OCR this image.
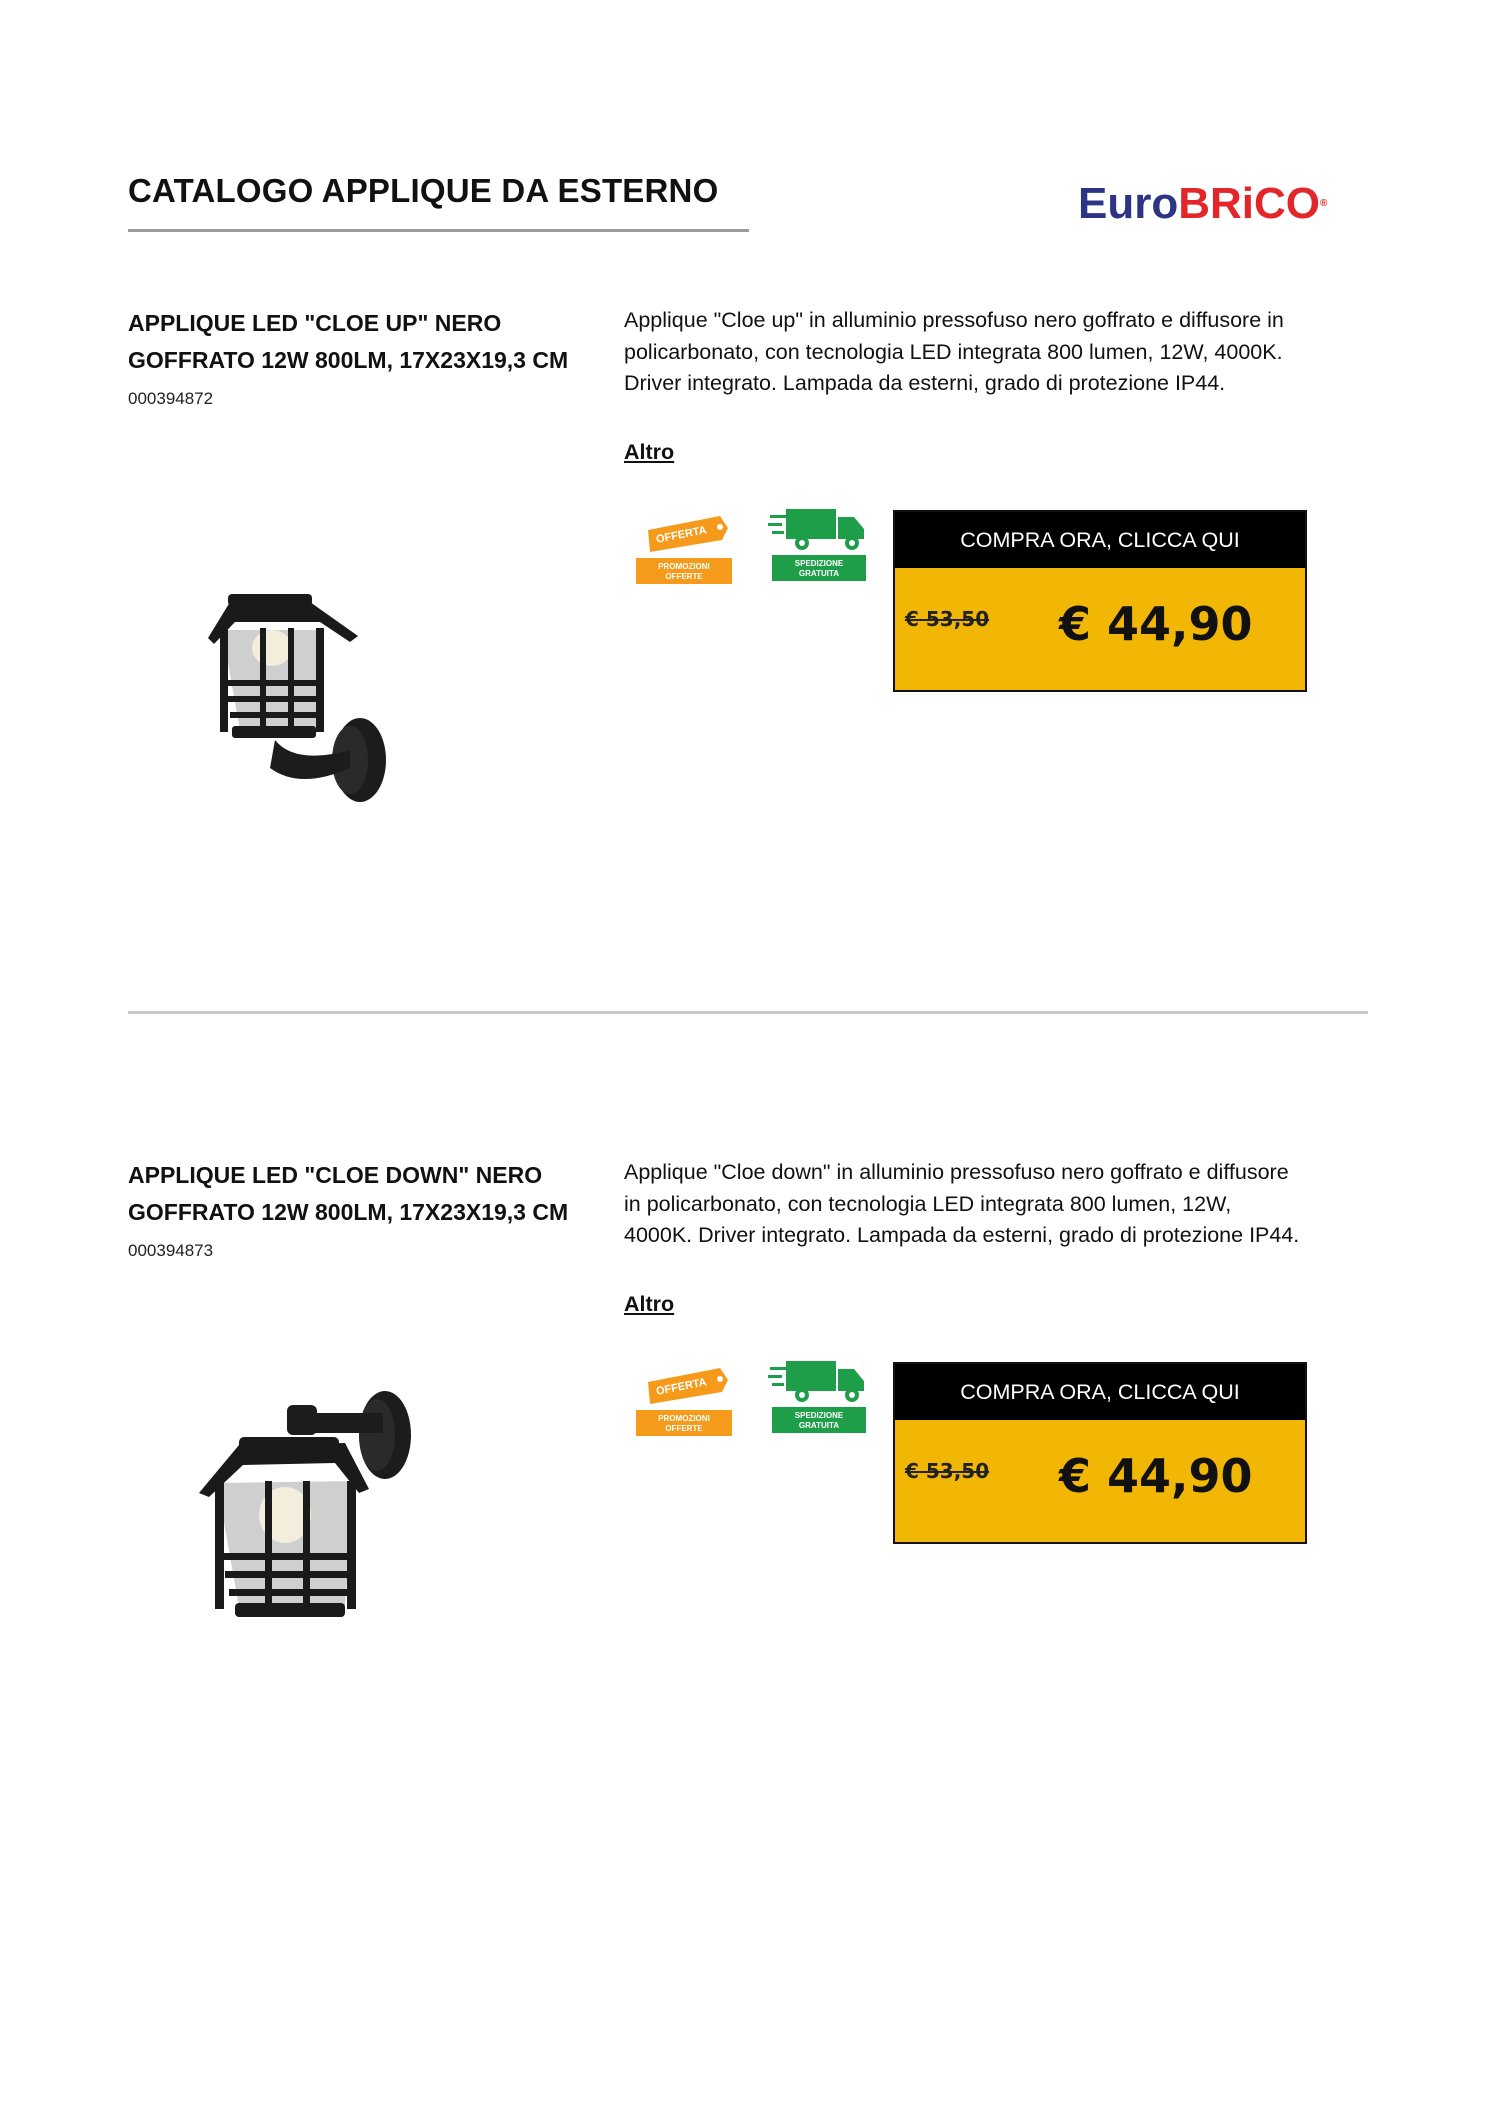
CATALOGO APPLIQUE DA ESTERNO	EuroBRiCO®
APPLIQUE LED "CLOE UP" NERO GOFFRATO 12W 800LM, 17X23X19,3 CM
000394872

Applique "Cloe up" in alluminio pressofuso nero goffrato e diffusore in policarbonato, con tecnologia LED integrata 800 lumen, 12W, 4000K. Driver integrato. Lampada da esterni, grado di protezione IP44.

Altro
OFFERTA
PROMOZIONI
OFFERTE
SPEDIZIONE
GRATUITA
COMPRA ORA, CLICCA QUI
€ 53,50 € 44,90
APPLIQUE LED "CLOE DOWN" NERO GOFFRATO 12W 800LM, 17X23X19,3 CM
000394873

Applique "Cloe down" in alluminio pressofuso nero goffrato e diffusore in policarbonato, con tecnologia LED integrata 800 lumen, 12W, 4000K. Driver integrato. Lampada da esterni, grado di protezione IP44.

Altro
OFFERTA
PROMOZIONI
OFFERTE
SPEDIZIONE
GRATUITA
COMPRA ORA, CLICCA QUI
€ 53,50 € 44,90
